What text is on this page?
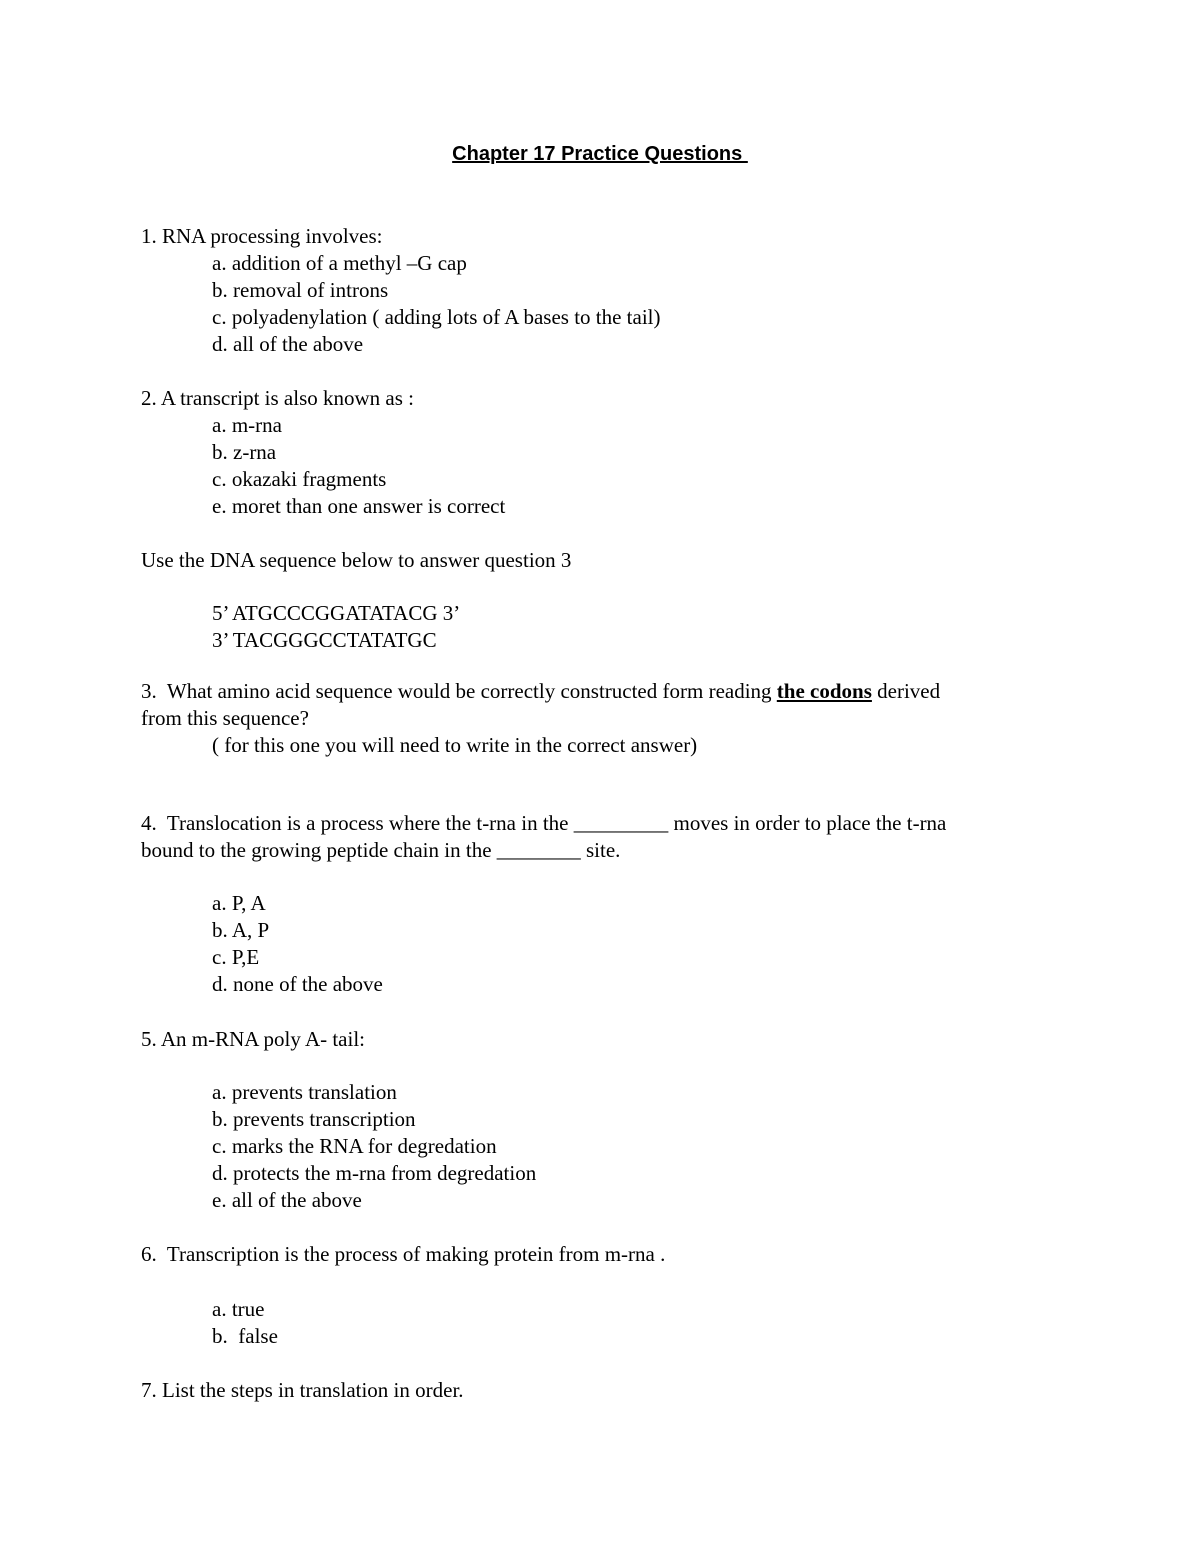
Chapter 17 Practice Questions
1. RNA processing involves:
a. addition of a methyl –G cap
b. removal of introns
c. polyadenylation ( adding lots of A bases to the tail)
d. all of the above
2. A transcript is also known as :
a. m-rna
b. z-rna
c. okazaki fragments
e. moret than one answer is correct
Use the DNA sequence below to answer question 3
5’ ATGCCCGGATATACG 3’
3’ TACGGGCCTATATGC
3.  What amino acid sequence would be correctly constructed form reading the codons derived
from this sequence?
( for this one you will need to write in the correct answer)
4.  Translocation is a process where the t-rna in the _________ moves in order to place the t-rna
bound to the growing peptide chain in the ________ site.
a. P, A
b. A, P
c. P,E
d. none of the above
5. An m-RNA poly A- tail:
a. prevents translation
b. prevents transcription
c. marks the RNA for degredation
d. protects the m-rna from degredation
e. all of the above
6.  Transcription is the process of making protein from m-rna .
a. true
b.  false
7. List the steps in translation in order.
